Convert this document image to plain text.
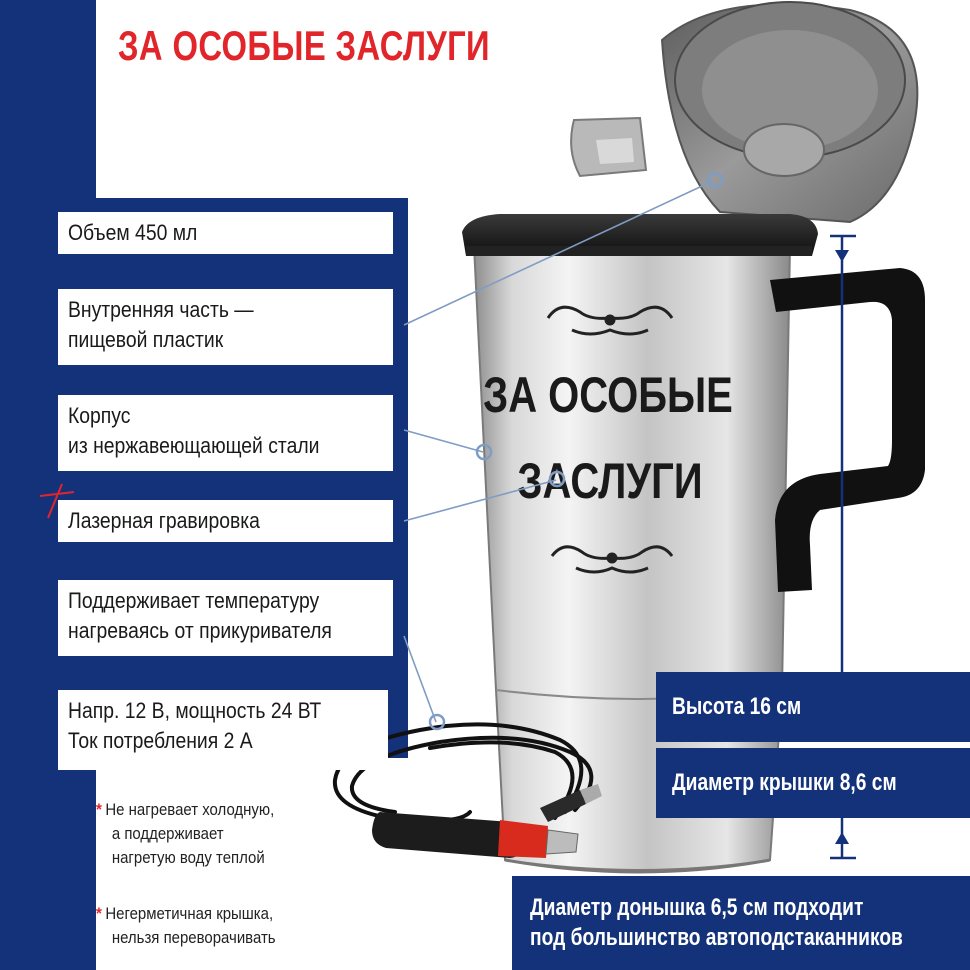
ЗА ОСОБЫЕ ЗАСЛУГИ
ЗА ОСОБЫЕ
ЗАСЛУГИ
Объем 450 мл
Внутренняя часть —
пищевой пластик
Корпус
из нержавеющающей стали
Лазерная гравировка
Поддерживает температуру
нагреваясь от прикуривателя
Напр. 12 В, мощность 24 ВТ
Ток потребления 2 А
* Не нагревает холодную,
а поддерживает
нагретую воду теплой
* Негерметичная крышка,
нельзя переворачивать
Высота 16 см
Диаметр крышки 8,6 см
Диаметр донышка 6,5 см подходит
под большинство автоподстаканников
